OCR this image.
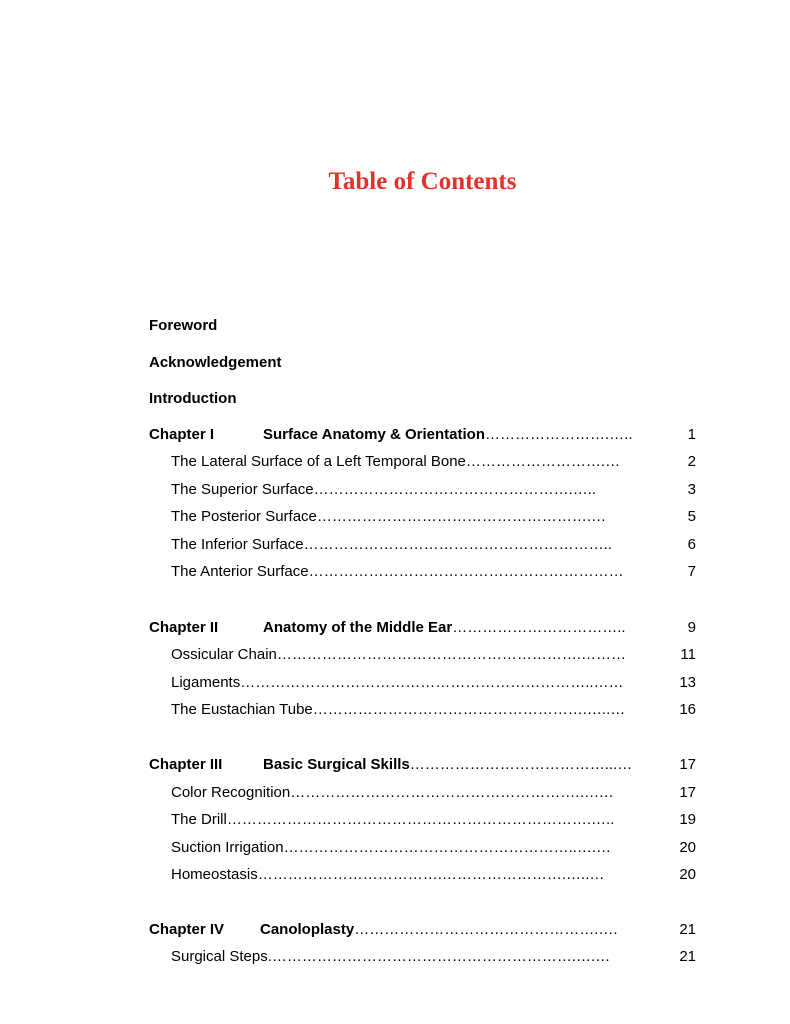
Table of Contents
Foreword
Acknowledgement
Introduction
Chapter I	Surface Anatomy & Orientation…………………….…..	1
The Lateral Surface of a Left Temporal Bone……………………….…	2
The Superior Surface…………………………………………….…..	3
The Posterior Surface……………………………………………….…	5
The Inferior Surface……………………………………………………..	6
The Anterior Surface………………………………………………………	7
Chapter II	Anatomy of the Middle Ear……………………………..	9
Ossicular Chain…………………………………………………….………	11
Ligaments……………………………………………………………..……	13
The Eustachian Tube……………………………………………….…..…	16
Chapter III	Basic Surgical Skills…………………………………...…	17
Color Recognition………………………………………………….….…	17
The Drill……………………………………………………………….…..	19
Suction Irrigation…………………………………………………..….…	20
Homeostasis……………………………….…………………….…..…	20
Chapter IV Canoloplasty………………………………………….….	21
Surgical Steps.…………………………………………………….….…	21
